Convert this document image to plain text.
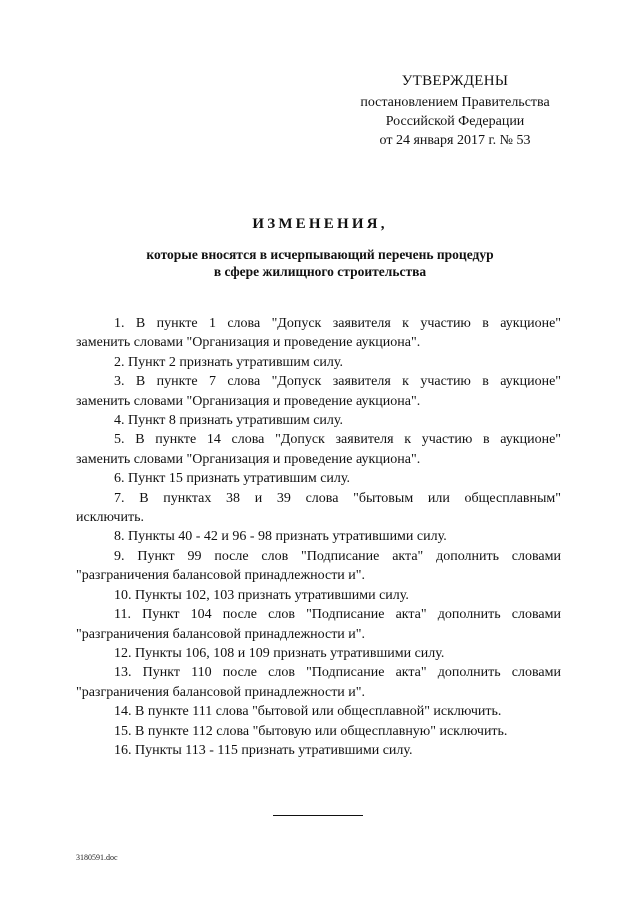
УТВЕРЖДЕНЫ
постановлением Правительства
Российской Федерации
от 24 января 2017 г. № 53
ИЗМЕНЕНИЯ,
которые вносятся в исчерпывающий перечень процедур
в сфере жилищного строительства

1. В пункте 1 слова "Допуск заявителя к участию в аукционе"
заменить словами "Организация и проведение аукциона".

2. Пункт 2 признать утратившим силу.

3. В пункте 7 слова "Допуск заявителя к участию в аукционе"
заменить словами "Организация и проведение аукциона".

4. Пункт 8 признать утратившим силу.

5. В пункте 14 слова "Допуск заявителя к участию в аукционе"
заменить словами "Организация и проведение аукциона".

6. Пункт 15 признать утратившим силу.

7. В пунктах 38 и 39 слова "бытовым или общесплавным"
исключить.

8. Пункты 40 - 42 и 96 - 98 признать утратившими силу.

9. Пункт 99 после слов "Подписание акта" дополнить словами
"разграничения балансовой принадлежности и".

10. Пункты 102, 103 признать утратившими силу.

11. Пункт 104 после слов "Подписание акта" дополнить словами
"разграничения балансовой принадлежности и".

12. Пункты 106, 108 и 109 признать утратившими силу.

13. Пункт 110 после слов "Подписание акта" дополнить словами
"разграничения балансовой принадлежности и".

14. В пункте 111 слова "бытовой или общесплавной" исключить.

15. В пункте 112 слова "бытовую или общесплавную" исключить.

16. Пункты 113 - 115 признать утратившими силу.

3180591.doc
